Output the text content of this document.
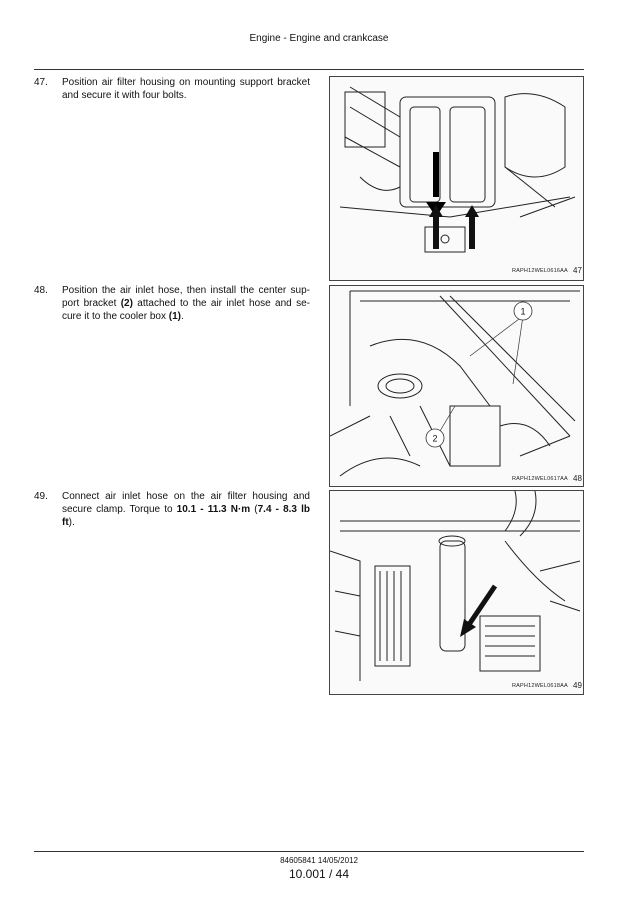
Engine - Engine and crankcase
47. Position air filter housing on mounting support bracket and secure it with four bolts.
RAPH12WEL0616AA 47
48. Position the air inlet hose, then install the center sup-port bracket (2) attached to the air inlet hose and se-cure it to the cooler box (1).	1
2
RAPH12WEL0617AA 48
49. Connect air inlet hose on the air filter housing and secure clamp. Torque to 10.1 - 11.3 N·m (7.4 - 8.3 lb ft).
RAPH12WEL0618AA 49
84605841 14/05/2012
10.001 / 44
